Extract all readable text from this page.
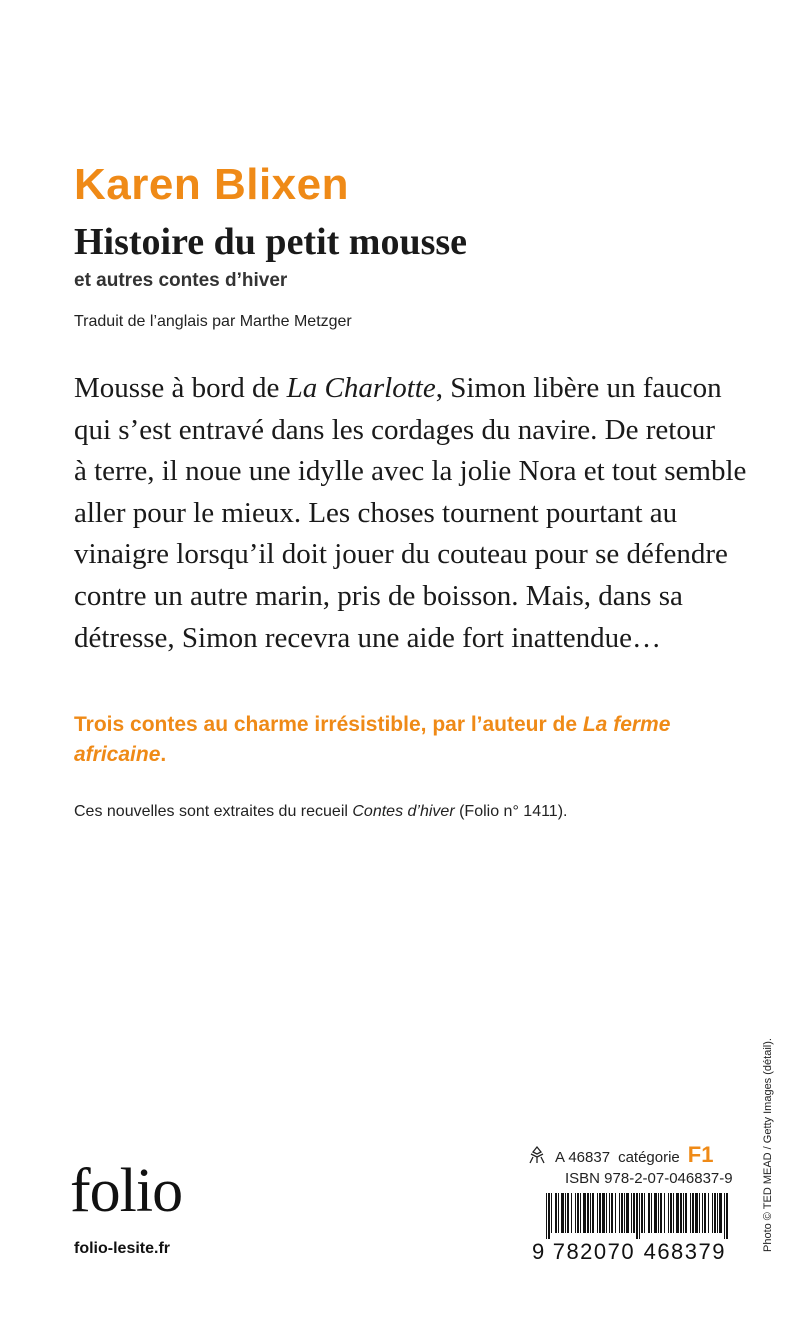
Karen Blixen
Histoire du petit mousse

et autres contes d’hiver

Traduit de l’anglais par Marthe Metzger

Mousse à bord de La Charlotte, Simon libère un faucon
qui s’est entravé dans les cordages du navire. De retour
à terre, il noue une idylle avec la jolie Nora et tout semble
aller pour le mieux. Les choses tournent pourtant au
vinaigre lorsqu’il doit jouer du couteau pour se défendre
contre un autre marin, pris de boisson. Mais, dans sa
détresse, Simon recevra une aide fort inattendue…

Trois contes au charme irrésistible, par l’auteur de La ferme africaine.

Ces nouvelles sont extraites du recueil Contes d’hiver (Folio n° 1411).

folio

folio-lesite.fr

A 46837 catégorie F1

ISBN 978-2-07-046837-9

9 782070 468379	Photo © TED MEAD / Getty Images (détail).
